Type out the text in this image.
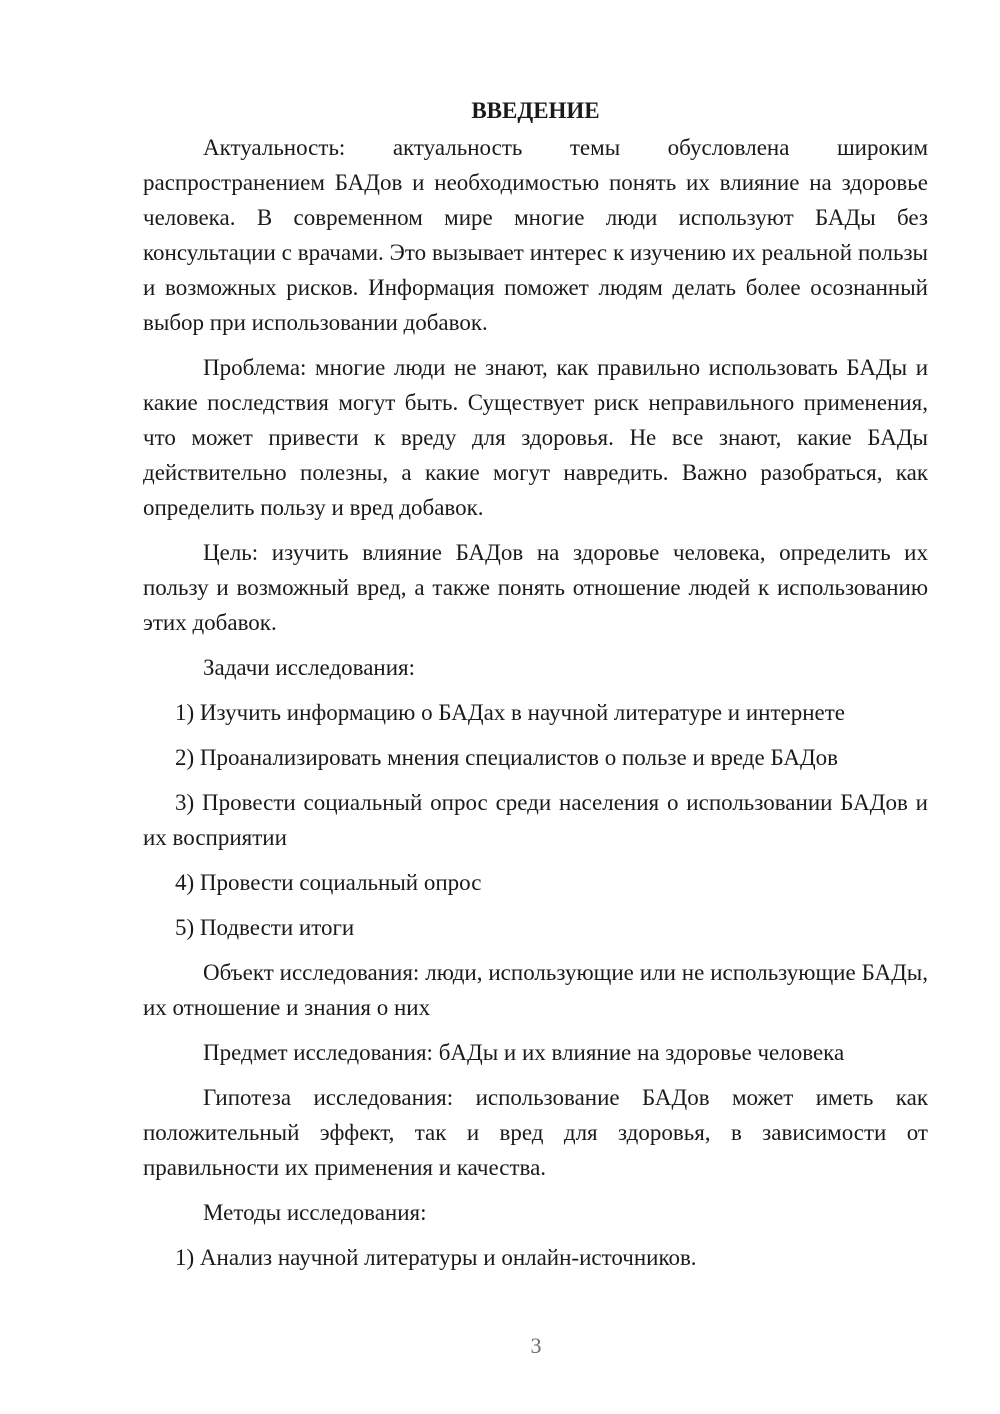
ВВЕДЕНИЕ

Актуальность: актуальность темы обусловлена широким распространением БАДов и необходимостью понять их влияние на здоровье человека. В современном мире многие люди используют БАДы без консультации с врачами. Это вызывает интерес к изучению их реальной пользы и возможных рисков. Информация поможет людям делать более осознанный выбор при использовании добавок.

Проблема: многие люди не знают, как правильно использовать БАДы и какие последствия могут быть. Существует риск неправильного применения, что может привести к вреду для здоровья. Не все знают, какие БАДы действительно полезны, а какие могут навредить. Важно разобраться, как определить пользу и вред добавок.

Цель: изучить влияние БАДов на здоровье человека, определить их пользу и возможный вред, а также понять отношение людей к использованию этих добавок.

Задачи исследования:

1) Изучить информацию о БАДах в научной литературе и интернете

2) Проанализировать мнения специалистов о пользе и вреде БАДов

3) Провести социальный опрос среди населения о использовании БАДов и их восприятии

4) Провести социальный опрос

5) Подвести итоги

Объект исследования: люди, использующие или не использующие БАДы, их отношение и знания о них

Предмет исследования: бАДы и их влияние на здоровье человека

Гипотеза исследования: использование БАДов может иметь как положительный эффект, так и вред для здоровья, в зависимости от правильности их применения и качества.

Методы исследования:

1) Анализ научной литературы и онлайн-источников.

3
